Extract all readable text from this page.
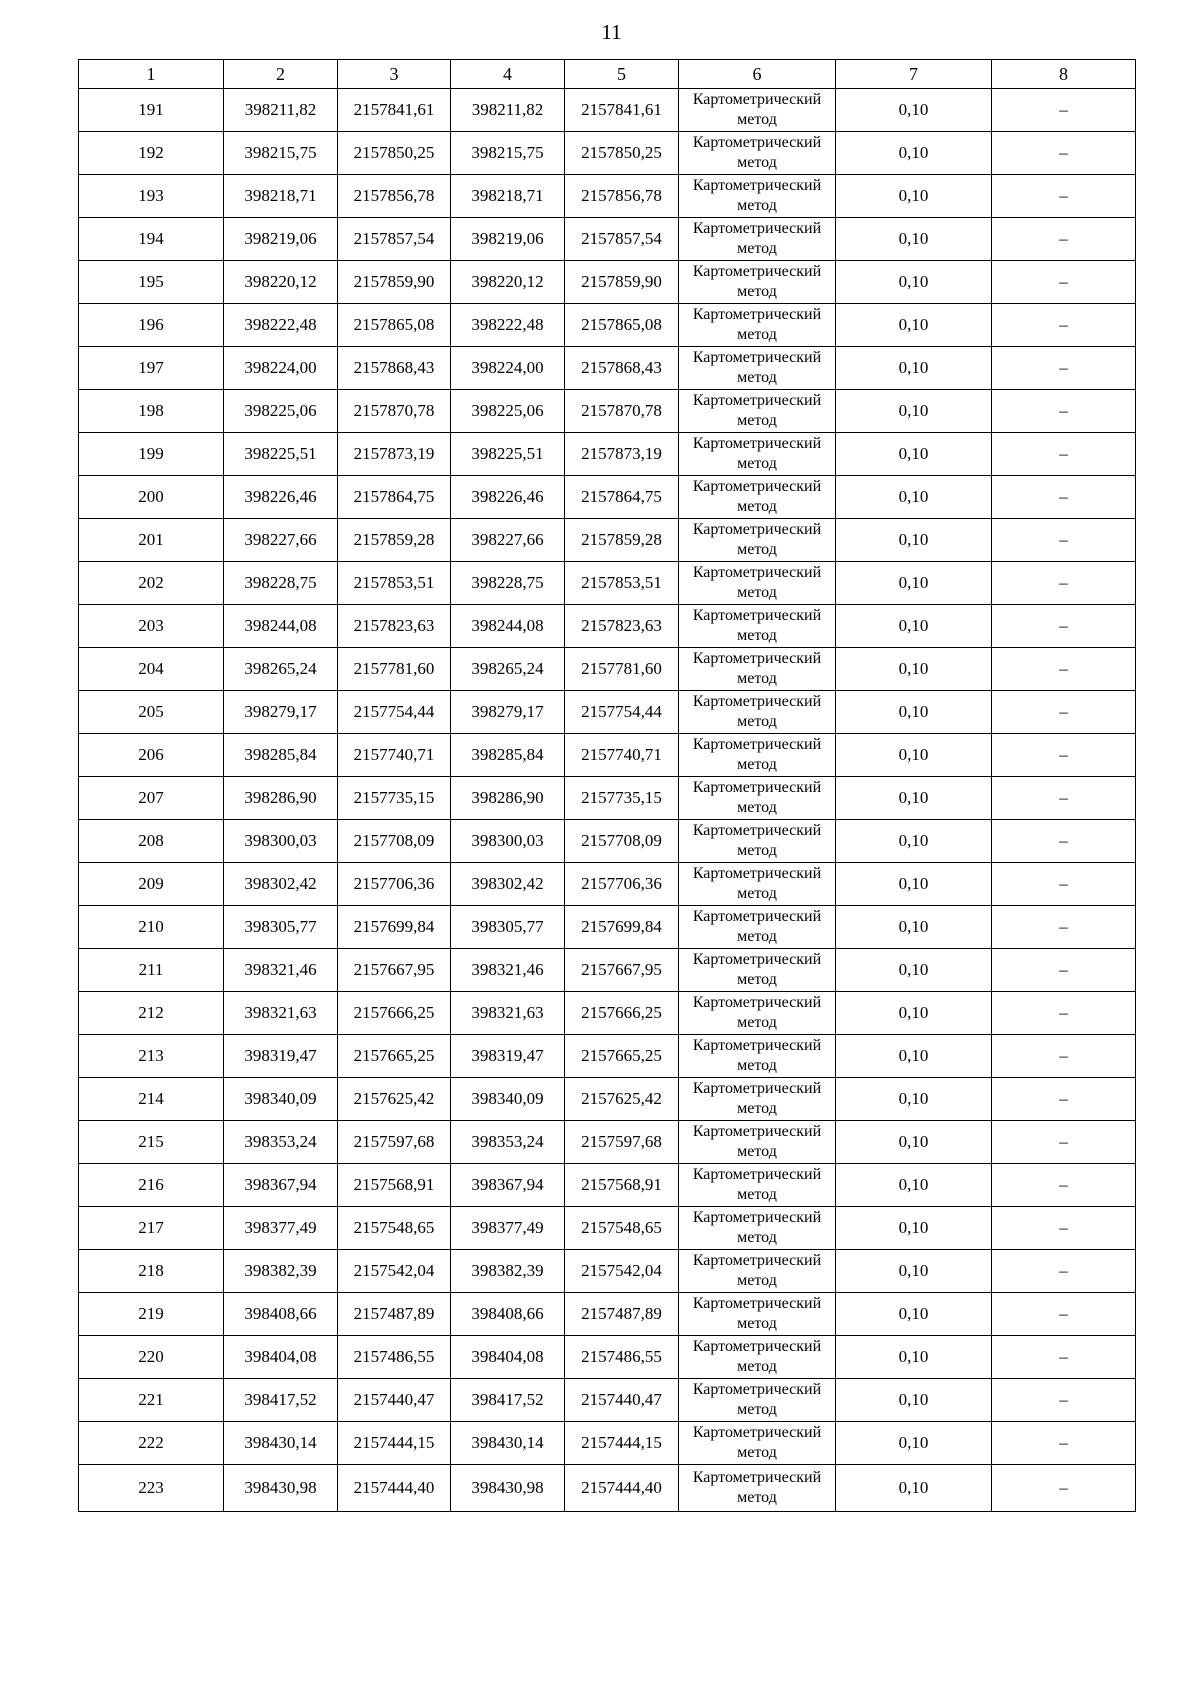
11
1	2	3	4	5	6	7	8
191	398211,82	2157841,61	398211,82	2157841,61	Картометрический
метод	0,10	–
192	398215,75	2157850,25	398215,75	2157850,25	Картометрический
метод	0,10	–
193	398218,71	2157856,78	398218,71	2157856,78	Картометрический
метод	0,10	–
194	398219,06	2157857,54	398219,06	2157857,54	Картометрический
метод	0,10	–
195	398220,12	2157859,90	398220,12	2157859,90	Картометрический
метод	0,10	–
196	398222,48	2157865,08	398222,48	2157865,08	Картометрический
метод	0,10	–
197	398224,00	2157868,43	398224,00	2157868,43	Картометрический
метод	0,10	–
198	398225,06	2157870,78	398225,06	2157870,78	Картометрический
метод	0,10	–
199	398225,51	2157873,19	398225,51	2157873,19	Картометрический
метод	0,10	–
200	398226,46	2157864,75	398226,46	2157864,75	Картометрический
метод	0,10	–
201	398227,66	2157859,28	398227,66	2157859,28	Картометрический
метод	0,10	–
202	398228,75	2157853,51	398228,75	2157853,51	Картометрический
метод	0,10	–
203	398244,08	2157823,63	398244,08	2157823,63	Картометрический
метод	0,10	–
204	398265,24	2157781,60	398265,24	2157781,60	Картометрический
метод	0,10	–
205	398279,17	2157754,44	398279,17	2157754,44	Картометрический
метод	0,10	–
206	398285,84	2157740,71	398285,84	2157740,71	Картометрический
метод	0,10	–
207	398286,90	2157735,15	398286,90	2157735,15	Картометрический
метод	0,10	–
208	398300,03	2157708,09	398300,03	2157708,09	Картометрический
метод	0,10	–
209	398302,42	2157706,36	398302,42	2157706,36	Картометрический
метод	0,10	–
210	398305,77	2157699,84	398305,77	2157699,84	Картометрический
метод	0,10	–
211	398321,46	2157667,95	398321,46	2157667,95	Картометрический
метод	0,10	–
212	398321,63	2157666,25	398321,63	2157666,25	Картометрический
метод	0,10	–
213	398319,47	2157665,25	398319,47	2157665,25	Картометрический
метод	0,10	–
214	398340,09	2157625,42	398340,09	2157625,42	Картометрический
метод	0,10	–
215	398353,24	2157597,68	398353,24	2157597,68	Картометрический
метод	0,10	–
216	398367,94	2157568,91	398367,94	2157568,91	Картометрический
метод	0,10	–
217	398377,49	2157548,65	398377,49	2157548,65	Картометрический
метод	0,10	–
218	398382,39	2157542,04	398382,39	2157542,04	Картометрический
метод	0,10	–
219	398408,66	2157487,89	398408,66	2157487,89	Картометрический
метод	0,10	–
220	398404,08	2157486,55	398404,08	2157486,55	Картометрический
метод	0,10	–
221	398417,52	2157440,47	398417,52	2157440,47	Картометрический
метод	0,10	–
222	398430,14	2157444,15	398430,14	2157444,15	Картометрический
метод	0,10	–
223	398430,98	2157444,40	398430,98	2157444,40	Картометрический
метод	0,10	–
